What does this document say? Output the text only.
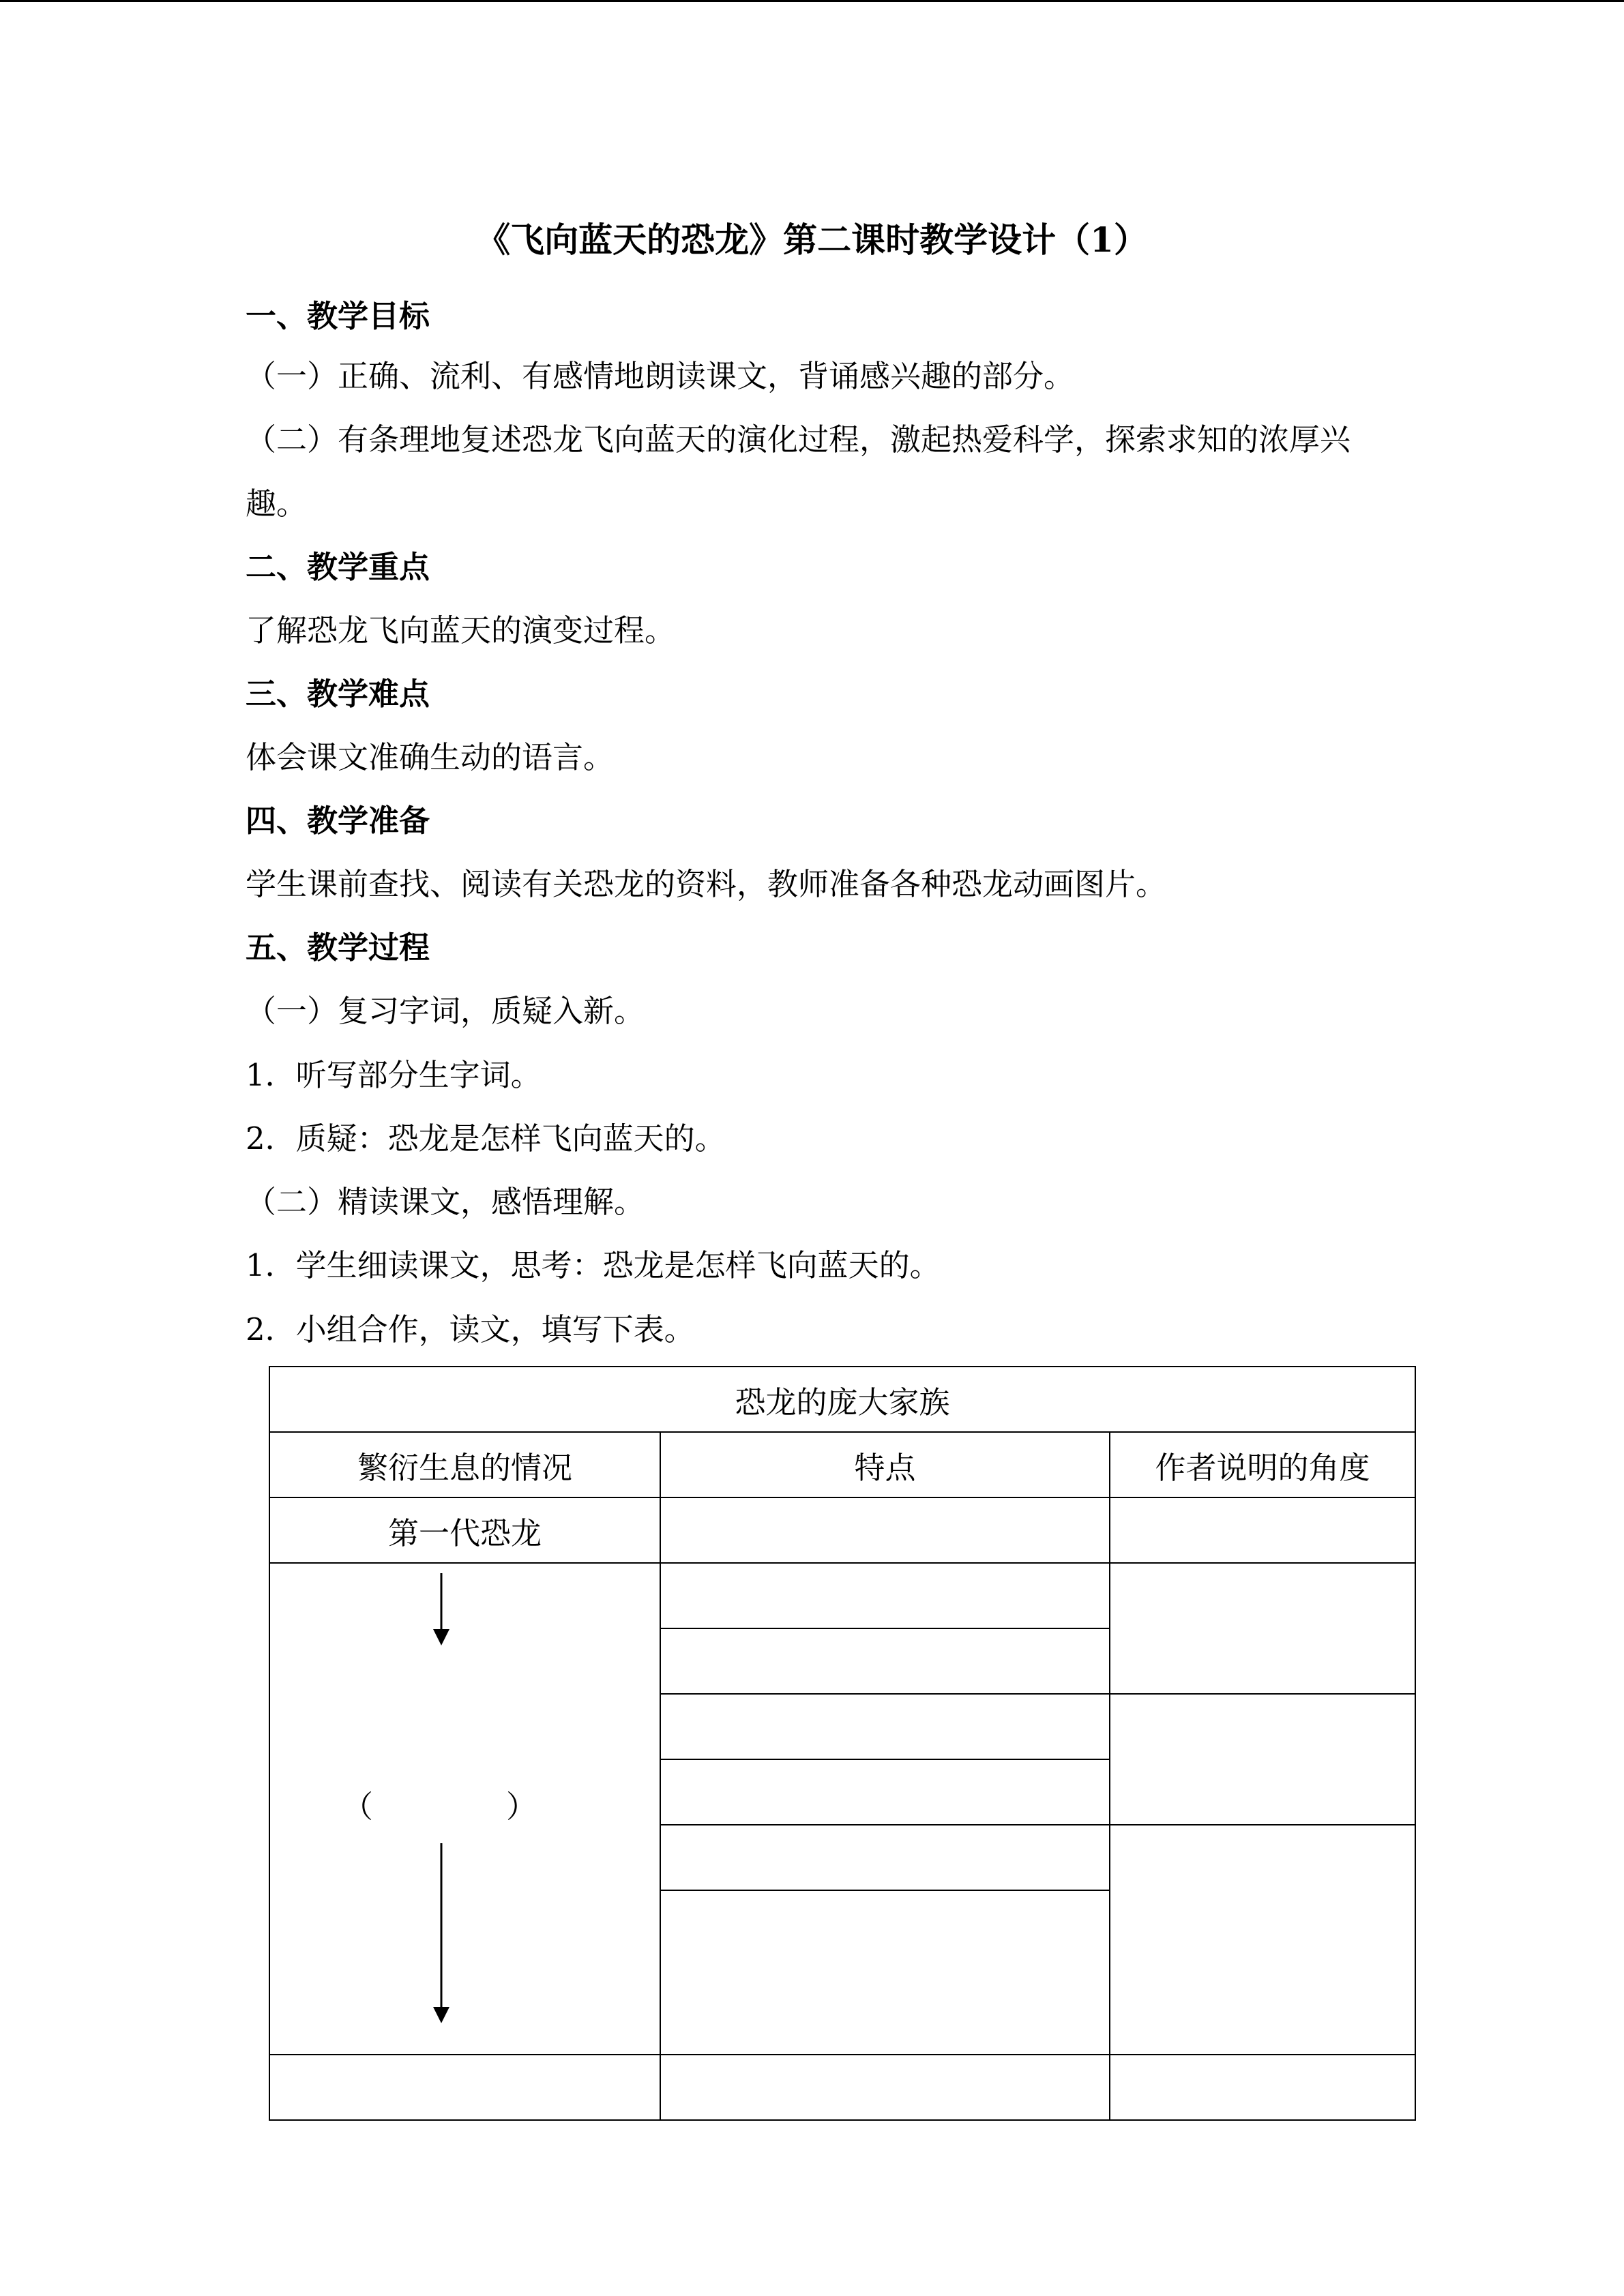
《飞向蓝天的恐龙》第二课时教学设计（1）
一、教学目标
（一）正确、流利、有感情地朗读课文，背诵感兴趣的部分。
（二）有条理地复述恐龙飞向蓝天的演化过程，激起热爱科学，探索求知的浓厚兴
趣。
二、教学重点
了解恐龙飞向蓝天的演变过程。
三、教学难点
体会课文准确生动的语言。
四、教学准备
学生课前查找、阅读有关恐龙的资料，教师准备各种恐龙动画图片。
五、教学过程
（一）复习字词，质疑入新。
1．听写部分生字词。
2．质疑：恐龙是怎样飞向蓝天的。
（二）精读课文，感悟理解。
1．学生细读课文，思考：恐龙是怎样飞向蓝天的。
2．小组合作，读文，填写下表。
恐龙的庞大家族		
繁衍生息的情况	特点	作者说明的角度
第一代恐龙		

（ ）		
